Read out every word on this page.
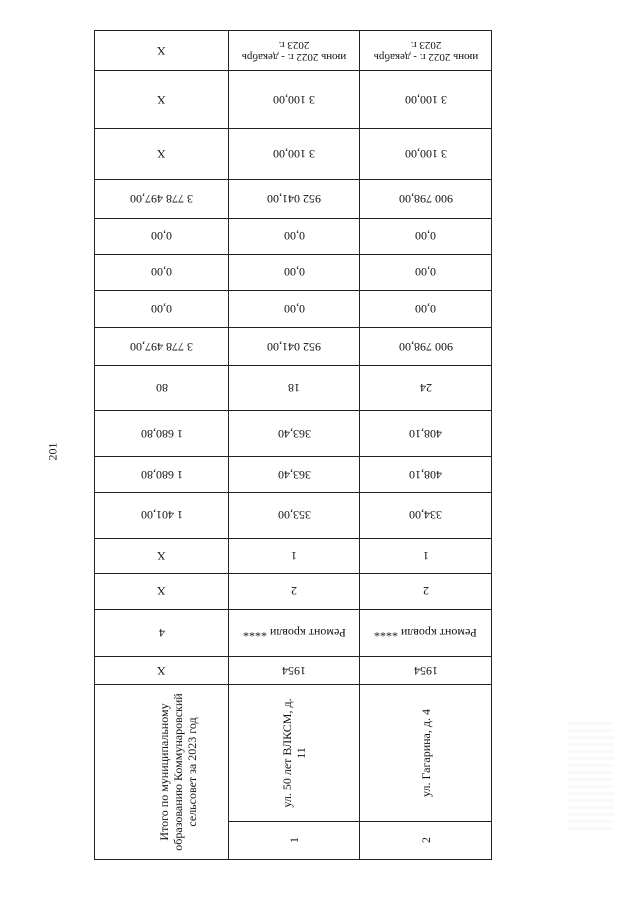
201
Х	июнь 2022 г. - декабрь 2023 г.	июнь 2022 г. - декабрь 2023 г.
Х	3 100,00	3 100,00
Х	3 100,00	3 100,00
3 778 497,00	952 041,00	900 798,00
0,00	0,00	0,00
0,00	0,00	0,00
0,00	0,00	0,00
3 778 497,00	952 041,00	900 798,00
80	18	24
1 680,80	363,40	408,10
1 680,80	363,40	408,10
1 401,00	353,00	334,00
Х	1	1
Х	2	2
4	Ремонт кровли ****	Ремонт кровли ****
Х	1954	1954
Итого по муниципальному образованию Коммунаровский сельсовет за 2023 год	ул. 50 лет ВЛКСМ, д. 11	ул. Гагарина, д. 4
	1	2
